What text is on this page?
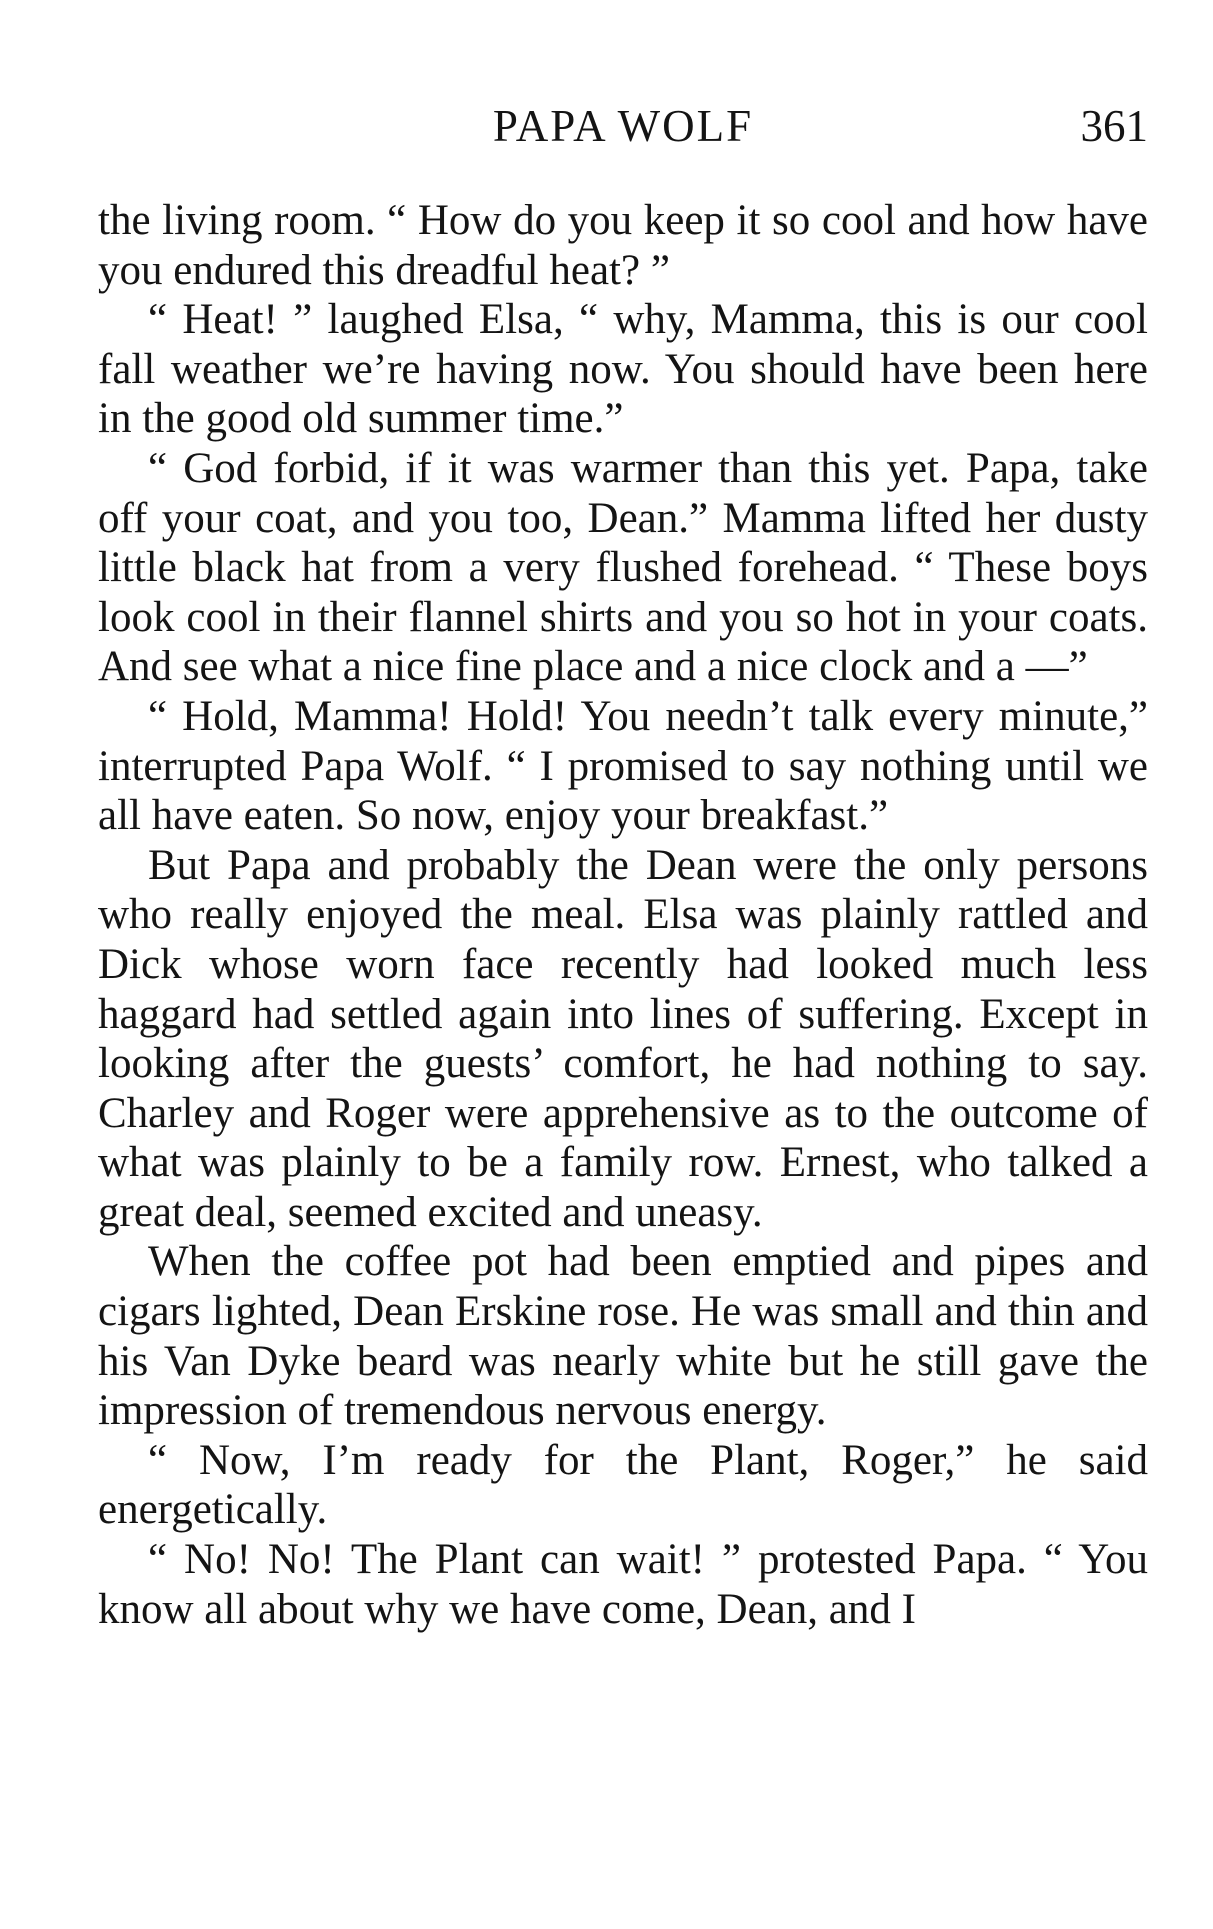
PAPA WOLF	361

the living room. “ How do you keep it so cool and how have you endured this dreadful heat? ”

“ Heat! ” laughed Elsa, “ why, Mamma, this is our cool fall weather we’re having now. You should have been here in the good old summer time.”

“ God forbid, if it was warmer than this yet. Papa, take off your coat, and you too, Dean.” Mamma lifted her dusty little black hat from a very flushed forehead. “ These boys look cool in their flannel shirts and you so hot in your coats. And see what a nice fine place and a nice clock and a —”

“ Hold, Mamma! Hold! You needn’t talk every minute,” interrupted Papa Wolf. “ I promised to say nothing until we all have eaten. So now, enjoy your breakfast.”

But Papa and probably the Dean were the only persons who really enjoyed the meal. Elsa was plainly rattled and Dick whose worn face recently had looked much less haggard had settled again into lines of suffering. Except in looking after the guests’ comfort, he had nothing to say. Charley and Roger were apprehensive as to the outcome of what was plainly to be a family row. Ernest, who talked a great deal, seemed excited and uneasy.

When the coffee pot had been emptied and pipes and cigars lighted, Dean Erskine rose. He was small and thin and his Van Dyke beard was nearly white but he still gave the impression of tremendous nervous energy.

“ Now, I’m ready for the Plant, Roger,” he said energetically.

“ No! No! The Plant can wait! ” protested Papa. “ You know all about why we have come, Dean, and I
